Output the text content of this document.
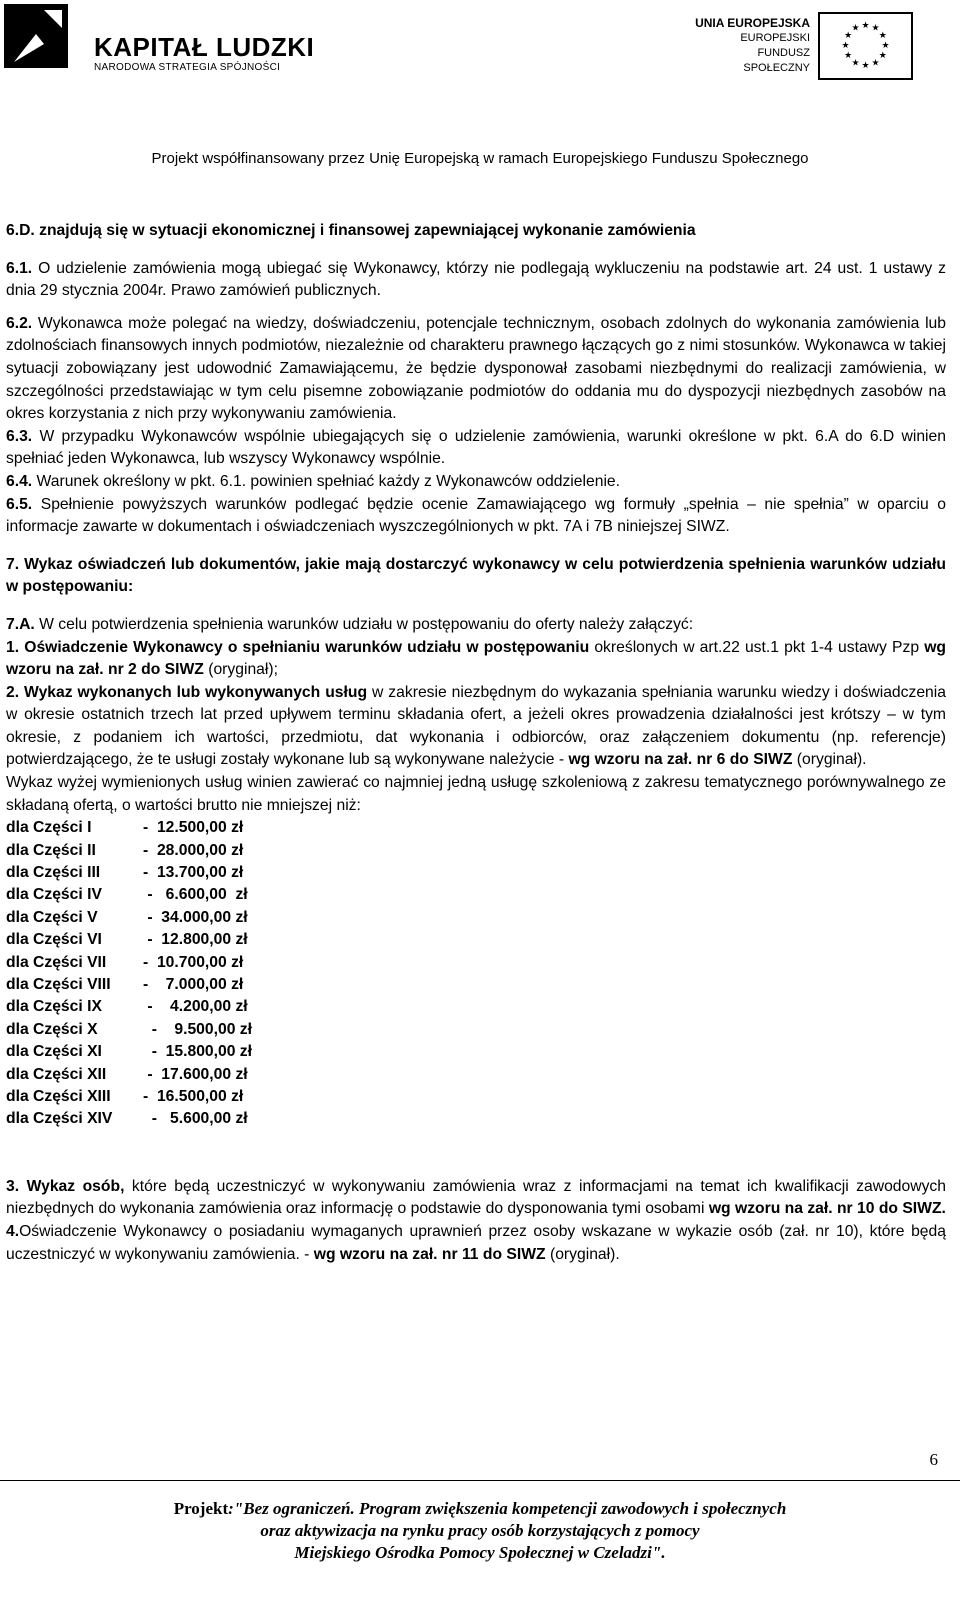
KAPITAŁ LUDZKI
NARODOWA STRATEGIA SPÓJNOŚCI
UNIA EUROPEJSKA
EUROPEJSKI
FUNDUSZ SPOŁECZNY
★ ★
★
★
★
★
★
★
★
★
★
★
Projekt współfinansowany przez Unię Europejską w ramach Europejskiego Funduszu Społecznego

6.D. znajdują się w sytuacji ekonomicznej i finansowej zapewniającej wykonanie zamówienia

6.1. O udzielenie zamówienia mogą ubiegać się Wykonawcy, którzy nie podlegają wykluczeniu na podstawie art. 24 ust. 1 ustawy z dnia 29 stycznia 2004r. Prawo zamówień publicznych.

6.2. Wykonawca może polegać na wiedzy, doświadczeniu, potencjale technicznym, osobach zdolnych do wykonania zamówienia lub zdolnościach finansowych innych podmiotów, niezależnie od charakteru prawnego łączących go z nimi stosunków. Wykonawca w takiej sytuacji zobowiązany jest udowodnić Zamawiającemu, że będzie dysponował zasobami niezbędnymi do realizacji zamówienia, w szczególności przedstawiając w tym celu pisemne zobowiązanie podmiotów do oddania mu do dyspozycji niezbędnych zasobów na okres korzystania z nich przy wykonywaniu zamówienia.

6.3. W przypadku Wykonawców wspólnie ubiegających się o udzielenie zamówienia, warunki określone w pkt. 6.A do 6.D winien spełniać jeden Wykonawca, lub wszyscy Wykonawcy wspólnie.

6.4. Warunek określony w pkt. 6.1. powinien spełniać każdy z Wykonawców oddzielenie.

6.5. Spełnienie powyższych warunków podlegać będzie ocenie Zamawiającego wg formuły „spełnia – nie spełnia” w oparciu o informacje zawarte w dokumentach i oświadczeniach wyszczególnionych w pkt. 7A i 7B niniejszej SIWZ.

7. Wykaz oświadczeń lub dokumentów, jakie mają dostarczyć wykonawcy w celu potwierdzenia spełnienia warunków udziału w postępowaniu:

7.A. W celu potwierdzenia spełnienia warunków udziału w postępowaniu do oferty należy załączyć:

1. Oświadczenie Wykonawcy o spełnianiu warunków udziału w postępowaniu określonych w art.22 ust.1 pkt 1-4 ustawy Pzp wg wzoru na zał. nr 2 do SIWZ (oryginał);

2. Wykaz wykonanych lub wykonywanych usług w zakresie niezbędnym do wykazania spełniania warunku wiedzy i doświadczenia w okresie ostatnich trzech lat przed upływem terminu składania ofert, a jeżeli okres prowadzenia działalności jest krótszy – w tym okresie, z podaniem ich wartości, przedmiotu, dat wykonania i odbiorców, oraz załączeniem dokumentu (np. referencje) potwierdzającego, że te usługi zostały wykonane lub są wykonywane należycie - wg wzoru na zał. nr 6 do SIWZ (oryginał).

Wykaz wyżej wymienionych usług winien zawierać co najmniej jedną usługę szkoleniową z zakresu tematycznego porównywalnego ze składaną ofertą, o wartości brutto nie mniejszej niż:

dla Części I	-  12.500,00 zł
dla Części II	-  28.000,00 zł
dla Części III	-  13.700,00 zł
dla Części IV	-   6.600,00  zł
dla Części V	-  34.000,00 zł
dla Części VI	-  12.800,00 zł
dla Części VII -  10.700,00 zł
dla Części VIII -    7.000,00 zł
dla Części IX	-    4.200,00 zł
dla Części X	-    9.500,00 zł
dla Części XI	-  15.800,00 zł
dla Części XII -  17.600,00 zł
dla Części XIII -  16.500,00 zł
dla Części XIV  -   5.600,00 zł

3. Wykaz osób, które będą uczestniczyć w wykonywaniu zamówienia wraz z informacjami na temat ich kwalifikacji zawodowych niezbędnych do wykonania zamówienia oraz informację o podstawie do dysponowania tymi osobami wg wzoru na zał. nr 10 do SIWZ.

4.Oświadczenie Wykonawcy o posiadaniu wymaganych uprawnień przez osoby wskazane w wykazie osób (zał. nr 10), które będą uczestniczyć w wykonywaniu zamówienia. - wg wzoru na zał. nr 11 do SIWZ (oryginał).

6
Projekt:"Bez ograniczeń. Program zwiększenia kompetencji zawodowych i społecznych
oraz aktywizacja na rynku pracy osób korzystających z pomocy
Miejskiego Ośrodka Pomocy Społecznej w Czeladzi".
